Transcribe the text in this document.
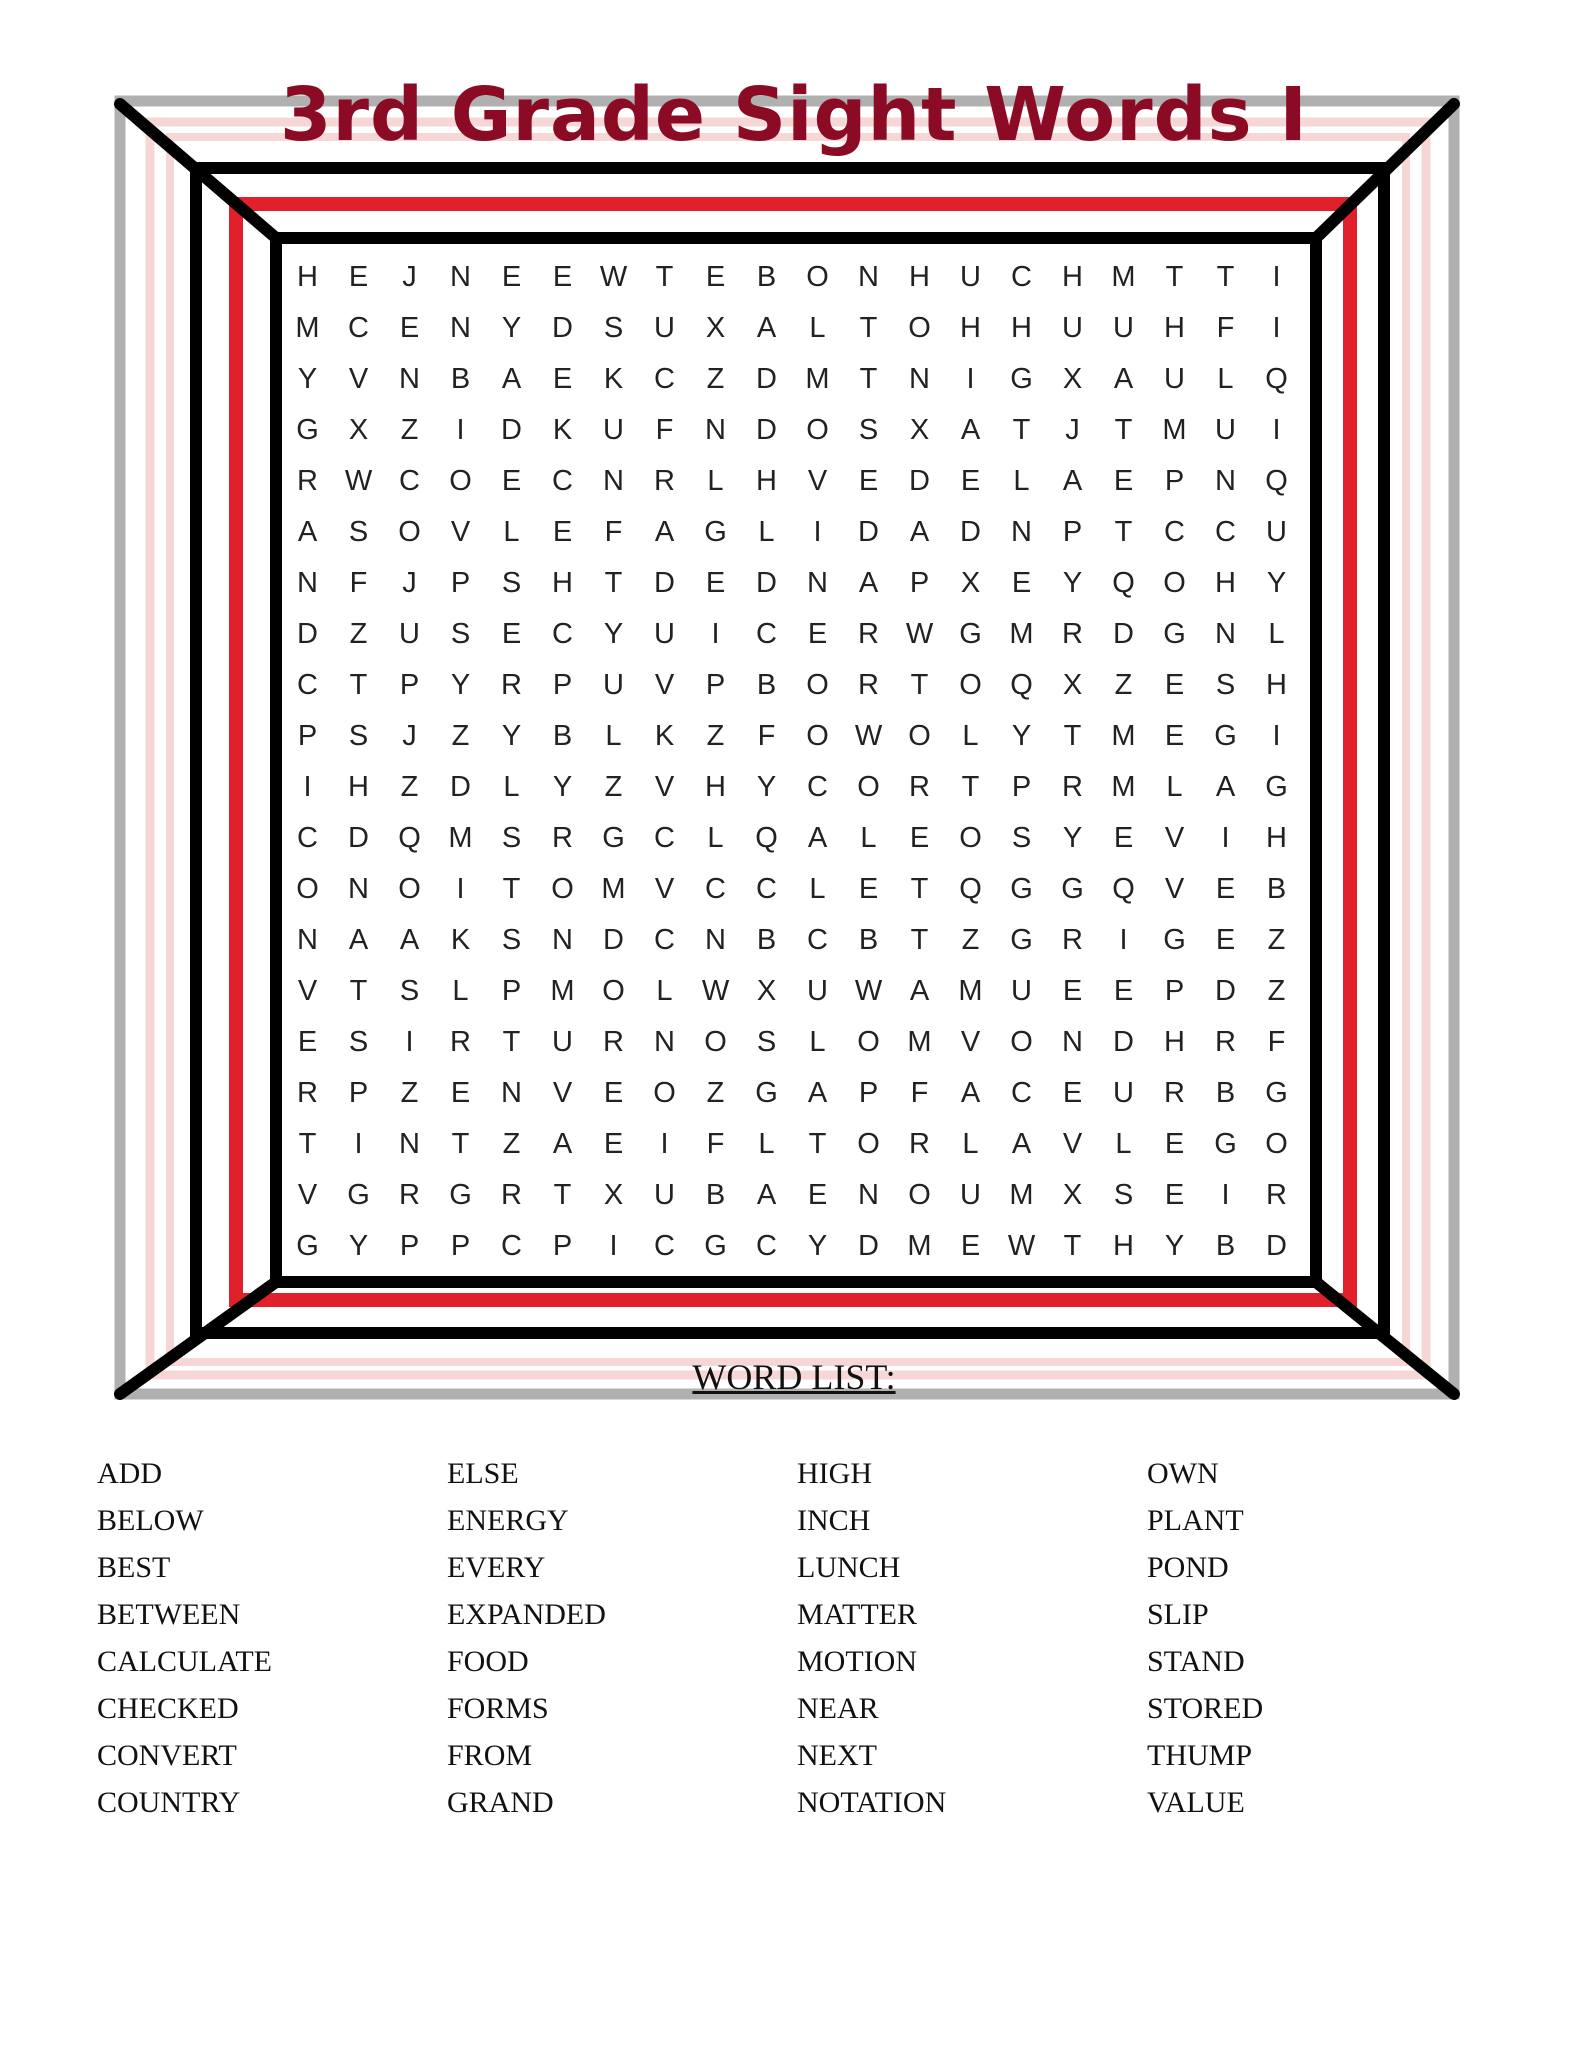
3rd Grade Sight Words I
H	E	J	N	E	E W T	E	B	O	N	H	U	C	H M	T	T	I
M C	E	N	Y	D	S	U	X	A	L	T	O	H	H	U	U	H	F	I
Y	V	N	B	A	E	K	C	Z	D M	T	N	I	G	X	A	U	L	Q
G	X	Z	I	D	K	U	F	N	D	O	S	X	A	T	J	T	M U	I
R W C	O	E	C	N	R	L	H	V	E	D	E	L	A	E	P	N	Q
A	S	O	V	L	E	F	A	G	L	I	D	A	D	N	P	T	C	C	U
N	F	J	P	S	H	T	D	E	D	N	A	P	X	E	Y	Q O	H	Y
D	Z	U	S	E	C	Y	U	I	C	E	R W G M R	D	G	N	L
C	T	P	Y	R	P	U	V	P	B	O	R	T	O Q	X	Z	E	S	H
P	S	J	Z	Y	B	L	K	Z	F	O W O	L	Y	T	M	E	G	I
I	H	Z	D	L	Y	Z	V	H	Y	C	O	R	T	P	R M	L	A	G
C	D	Q M	S	R	G	C	L	Q	A	L	E	O	S	Y	E	V	I	H
O	N	O	I	T	O M	V	C	C	L	E	T	Q G G Q	V	E	B
N	A	A	K	S	N	D	C	N	B	C	B	T	Z	G	R	I	G	E	Z
V	T	S	L	P	M O	L	W X	U W A	M U	E	E	P	D	Z
E	S	I	R	T	U	R	N	O	S	L	O M	V	O	N	D	H	R	F
R	P	Z	E	N	V	E	O	Z	G	A	P	F	A	C	E	U	R	B	G
T	I	N	T	Z	A	E	I	F	L	T	O	R	L	A	V	L	E	G O
V	G	R	G	R	T	X	U	B	A	E	N	O	U M	X	S	E	I	R
G	Y	P	P	C	P	I	C	G	C	Y	D M	E W T	H	Y	B	D
WORD LIST:
ADD
BELOW
BEST
BETWEEN
CALCULATE
CHECKED
CONVERT
COUNTRY
ELSE
ENERGY
EVERY
EXPANDED
FOOD
FORMS
FROM
GRAND
HIGH
INCH
LUNCH
MATTER
MOTION
NEAR
NEXT
NOTATION
OWN
PLANT
POND
SLIP
STAND
STORED
THUMP
VALUE
